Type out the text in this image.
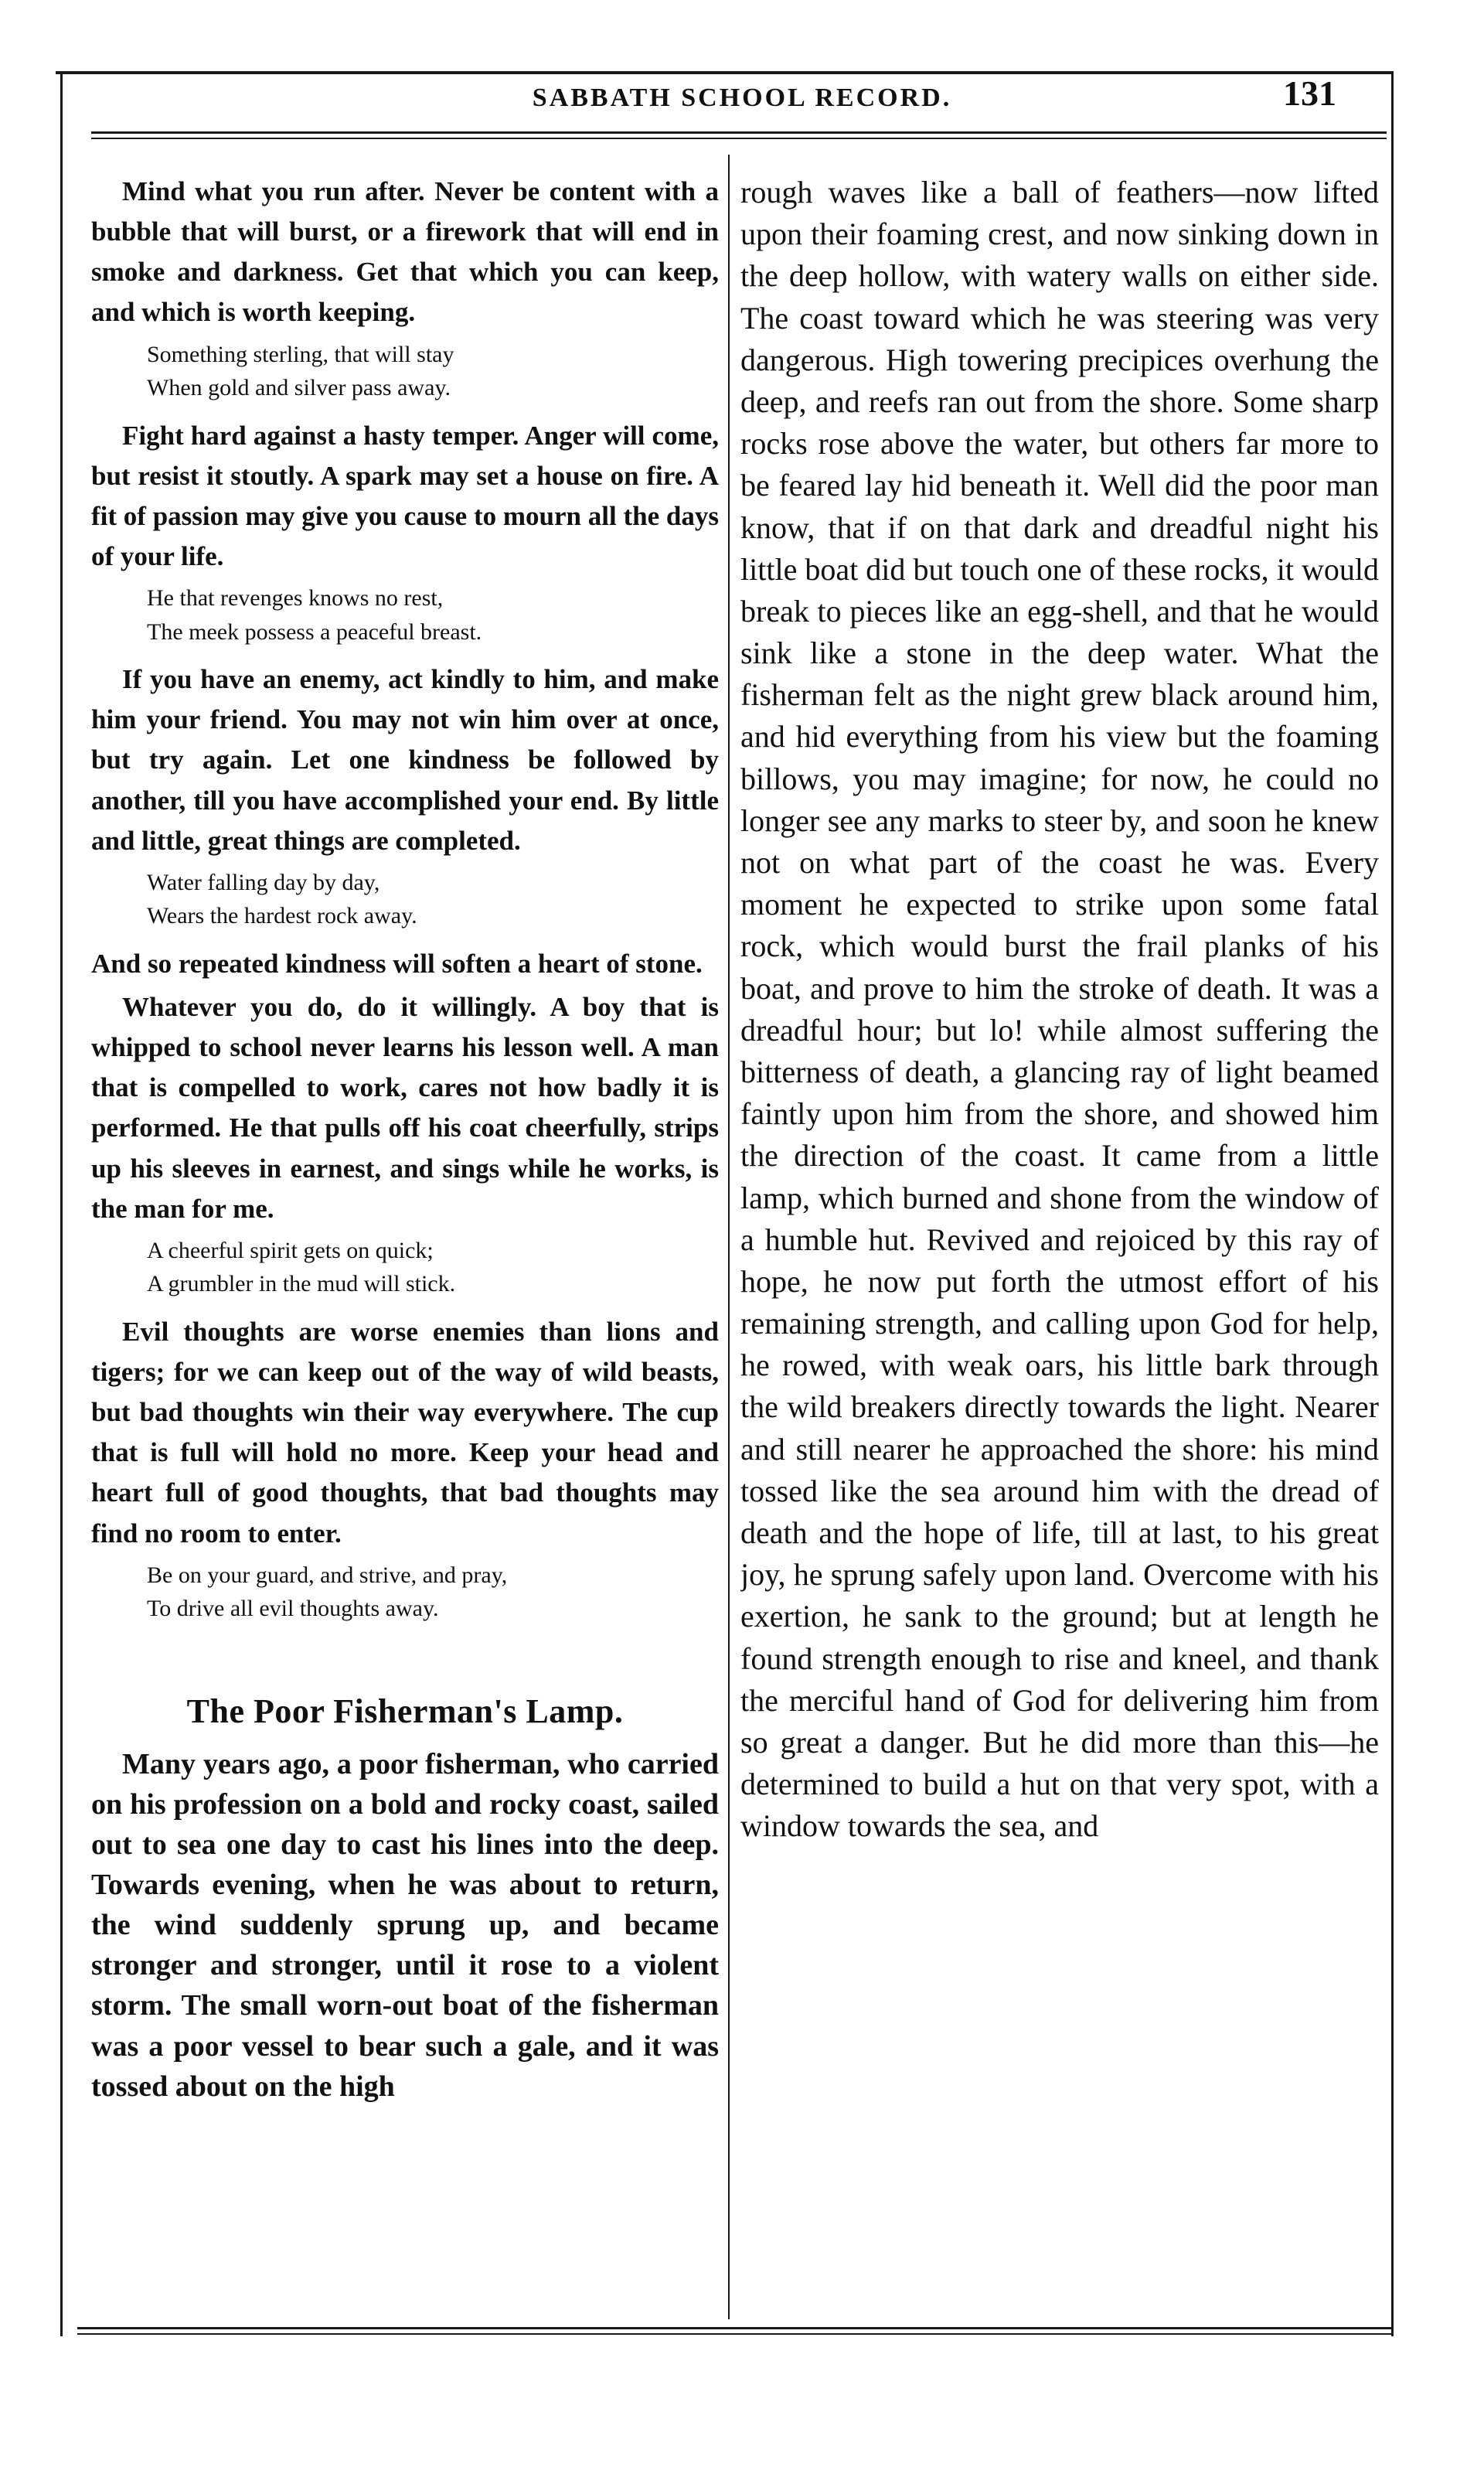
SABBATH SCHOOL RECORD.	131

Mind what you run after. Never be content with a bubble that will burst, or a firework that will end in smoke and darkness. Get that which you can keep, and which is worth keeping.

Something sterling, that will stay
When gold and silver pass away.

Fight hard against a hasty temper. Anger will come, but resist it stoutly. A spark may set a house on fire. A fit of passion may give you cause to mourn all the days of your life.

He that revenges knows no rest,
The meek possess a peaceful breast.

If you have an enemy, act kindly to him, and make him your friend. You may not win him over at once, but try again. Let one kindness be followed by another, till you have accomplished your end. By little and little, great things are completed.

Water falling day by day,
Wears the hardest rock away.

And so repeated kindness will soften a heart of stone.

Whatever you do, do it willingly. A boy that is whipped to school never learns his lesson well. A man that is compelled to work, cares not how badly it is performed. He that pulls off his coat cheerfully, strips up his sleeves in earnest, and sings while he works, is the man for me.

A cheerful spirit gets on quick;
A grumbler in the mud will stick.

Evil thoughts are worse enemies than lions and tigers; for we can keep out of the way of wild beasts, but bad thoughts win their way everywhere. The cup that is full will hold no more. Keep your head and heart full of good thoughts, that bad thoughts may find no room to enter.

Be on your guard, and strive, and pray,
To drive all evil thoughts away.
The Poor Fisherman's Lamp.

Many years ago, a poor fisherman, who carried on his profession on a bold and rocky coast, sailed out to sea one day to cast his lines into the deep. Towards evening, when he was about to return, the wind suddenly sprung up, and became stronger and stronger, until it rose to a violent storm. The small worn-out boat of the fisherman was a poor vessel to bear such a gale, and it was tossed about on the high

rough waves like a ball of feathers—now lifted upon their foaming crest, and now sinking down in the deep hollow, with watery walls on either side. The coast toward which he was steering was very dangerous. High towering precipices overhung the deep, and reefs ran out from the shore. Some sharp rocks rose above the water, but others far more to be feared lay hid beneath it. Well did the poor man know, that if on that dark and dreadful night his little boat did but touch one of these rocks, it would break to pieces like an egg-shell, and that he would sink like a stone in the deep water. What the fisherman felt as the night grew black around him, and hid everything from his view but the foaming billows, you may imagine; for now, he could no longer see any marks to steer by, and soon he knew not on what part of the coast he was. Every moment he expected to strike upon some fatal rock, which would burst the frail planks of his boat, and prove to him the stroke of death. It was a dreadful hour; but lo! while almost suffering the bitterness of death, a glancing ray of light beamed faintly upon him from the shore, and showed him the direction of the coast. It came from a little lamp, which burned and shone from the window of a humble hut. Revived and rejoiced by this ray of hope, he now put forth the utmost effort of his remaining strength, and calling upon God for help, he rowed, with weak oars, his little bark through the wild breakers directly towards the light. Nearer and still nearer he approached the shore: his mind tossed like the sea around him with the dread of death and the hope of life, till at last, to his great joy, he sprung safely upon land. Overcome with his exertion, he sank to the ground; but at length he found strength enough to rise and kneel, and thank the merciful hand of God for delivering him from so great a danger. But he did more than this—he determined to build a hut on that very spot, with a window towards the sea, and
